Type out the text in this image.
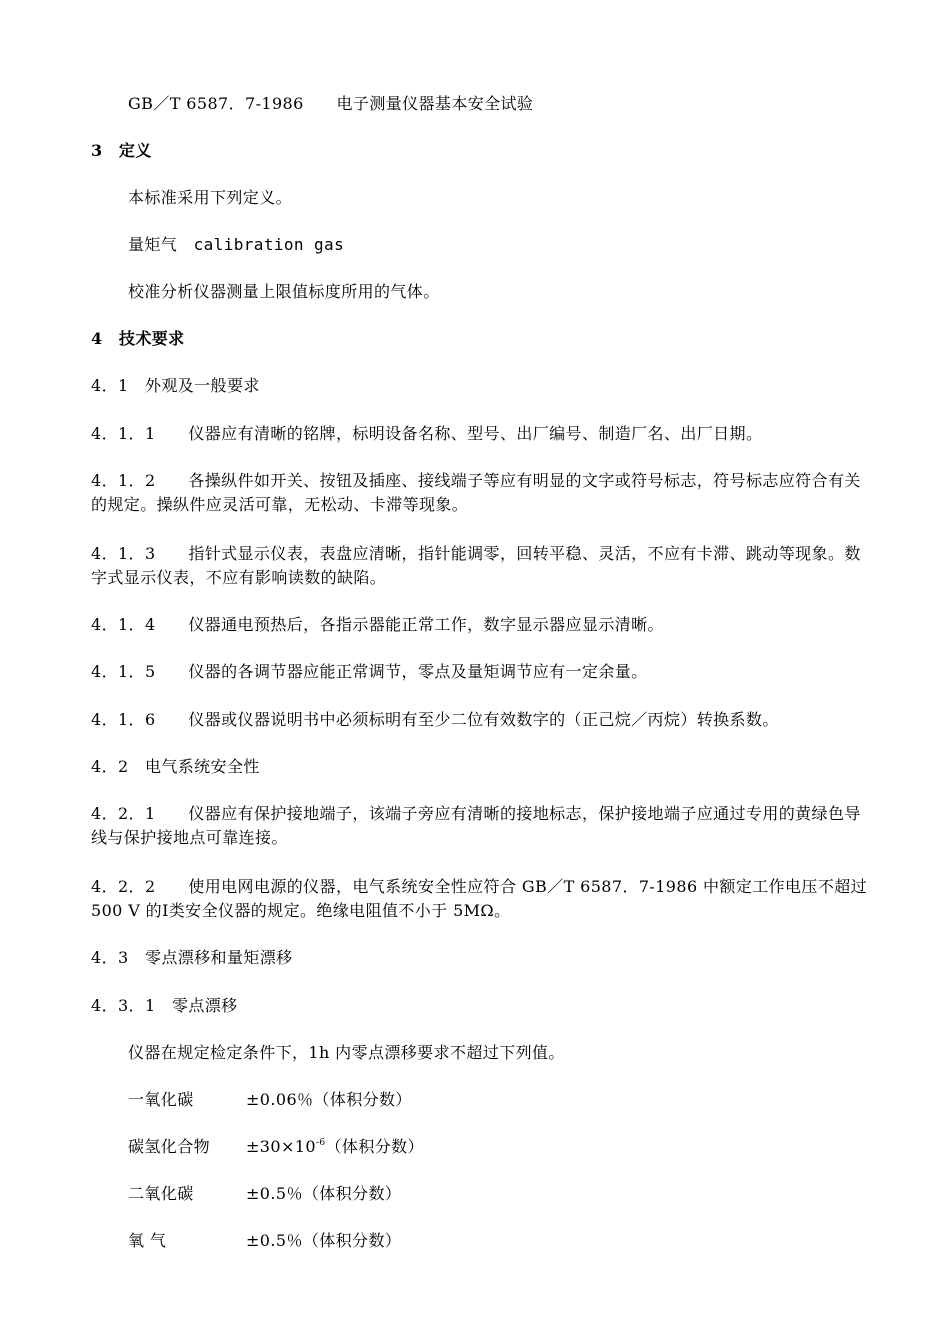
GB／T 6587．7-1986　　电子测量仪器基本安全试验
3　定义
本标准采用下列定义。
量矩气　calibration gas
校准分析仪器测量上限值标度所用的气体。
4　技术要求
4．1　外观及一般要求
4．1．1　　仪器应有清晰的铭牌，标明设备名称、型号、出厂编号、制造厂名、出厂日期。
4．1．2　　各操纵件如开关、按钮及插座、接线端子等应有明显的文字或符号标志，符号标志应符合有关的规定。操纵件应灵活可靠，无松动、卡滞等现象。
4．1．3　　指针式显示仪表，表盘应清晰，指针能调零，回转平稳、灵活，不应有卡滞、跳动等现象。数字式显示仪表，不应有影响读数的缺陷。
4．1．4　　仪器通电预热后，各指示器能正常工作，数字显示器应显示清晰。
4．1．5　　仪器的各调节器应能正常调节，零点及量矩调节应有一定余量。
4．1．6　　仪器或仪器说明书中必须标明有至少二位有效数字的（正己烷／丙烷）转换系数。
4．2　电气系统安全性
4．2．1　　仪器应有保护接地端子，该端子旁应有清晰的接地标志，保护接地端子应通过专用的黄绿色导线与保护接地点可靠连接。
4．2．2　　使用电网电源的仪器，电气系统安全性应符合 GB／T 6587．7-1986 中额定工作电压不超过 500 V 的Ⅰ类安全仪器的规定。绝缘电阻值不小于 5MΩ。
4．3　零点漂移和量矩漂移
4．3．1　零点漂移
仪器在规定检定条件下，1h 内零点漂移要求不超过下列值。
一氧化碳	±0.06％（体积分数）
碳氢化合物 $\pm 30\times 10^{-6}$（体积分数）
二氧化碳	±0.5％（体积分数）
氧 气	±0.5％（体积分数）
